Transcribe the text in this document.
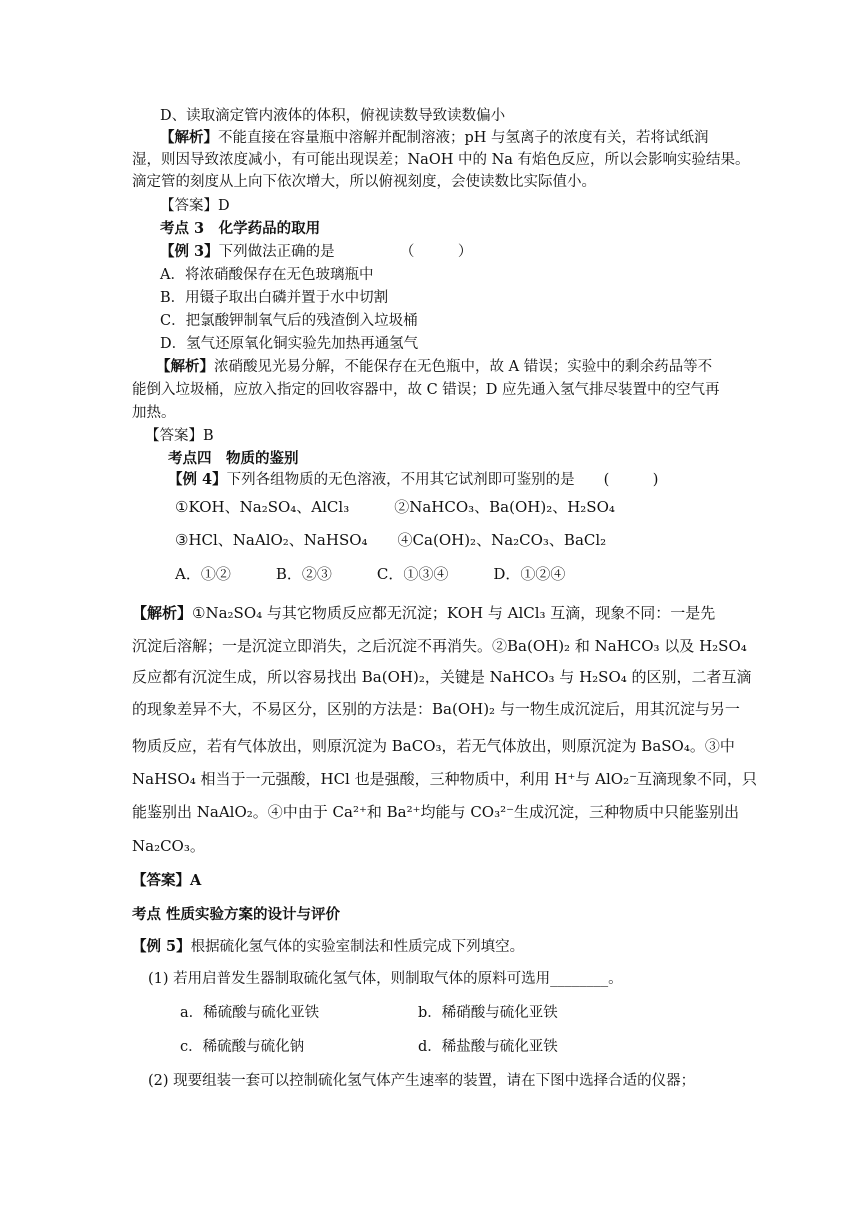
D、读取滴定管内液体的体积，俯视读数导致读数偏小
【解析】不能直接在容量瓶中溶解并配制溶液；pH 与氢离子的浓度有关，若将试纸润
湿，则因导致浓度减小，有可能出现误差；NaOH 中的 Na 有焰色反应，所以会影响实验结果。
滴定管的刻度从上向下依次增大，所以俯视刻度，会使读数比实际值小。
【答案】D
考点 3　化学药品的取用
【例 3】下列做法正确的是　　　　　（　　　）
A．将浓硝酸保存在无色玻璃瓶中
B．用镊子取出白磷并置于水中切割
C．把氯酸钾制氧气后的残渣倒入垃圾桶
D．氢气还原氧化铜实验先加热再通氢气
【解析】浓硝酸见光易分解，不能保存在无色瓶中，故 A 错误；实验中的剩余药品等不
能倒入垃圾桶，应放入指定的回收容器中，故 C 错误；D 应先通入氢气排尽装置中的空气再
加热。
【答案】B
考点四　物质的鉴别
【例 4】下列各组物质的无色溶液，不用其它试剂即可鉴别的是　　(　　　)
①KOH、Na₂SO₄、AlCl₃　　　②NaHCO₃、Ba(OH)₂、H₂SO₄
③HCl、NaAlO₂、NaHSO₄　　④Ca(OH)₂、Na₂CO₃、BaCl₂
A．①②　　　B．②③　　　C．①③④　　　D．①②④
【解析】①Na₂SO₄ 与其它物质反应都无沉淀；KOH 与 AlCl₃ 互滴，现象不同：一是先
沉淀后溶解；一是沉淀立即消失，之后沉淀不再消失。②Ba(OH)₂ 和 NaHCO₃ 以及 H₂SO₄
反应都有沉淀生成，所以容易找出 Ba(OH)₂，关键是 NaHCO₃ 与 H₂SO₄ 的区别，二者互滴
的现象差异不大，不易区分，区别的方法是：Ba(OH)₂ 与一物生成沉淀后，用其沉淀与另一
物质反应，若有气体放出，则原沉淀为 BaCO₃，若无气体放出，则原沉淀为 BaSO₄。③中
NaHSO₄ 相当于一元强酸，HCl 也是强酸，三种物质中，利用 H⁺与 AlO₂⁻互滴现象不同，只
能鉴别出 NaAlO₂。④中由于 Ca²⁺和 Ba²⁺均能与 CO₃²⁻生成沉淀，三种物质中只能鉴别出
Na₂CO₃。
【答案】A
考点 性质实验方案的设计与评价
【例 5】根据硫化氢气体的实验室制法和性质完成下列填空。
(1) 若用启普发生器制取硫化氢气体，则制取气体的原料可选用________。
a．稀硫酸与硫化亚铁	b．稀硝酸与硫化亚铁
c．稀硫酸与硫化钠	d．稀盐酸与硫化亚铁
(2) 现要组装一套可以控制硫化氢气体产生速率的装置，请在下图中选择合适的仪器；
